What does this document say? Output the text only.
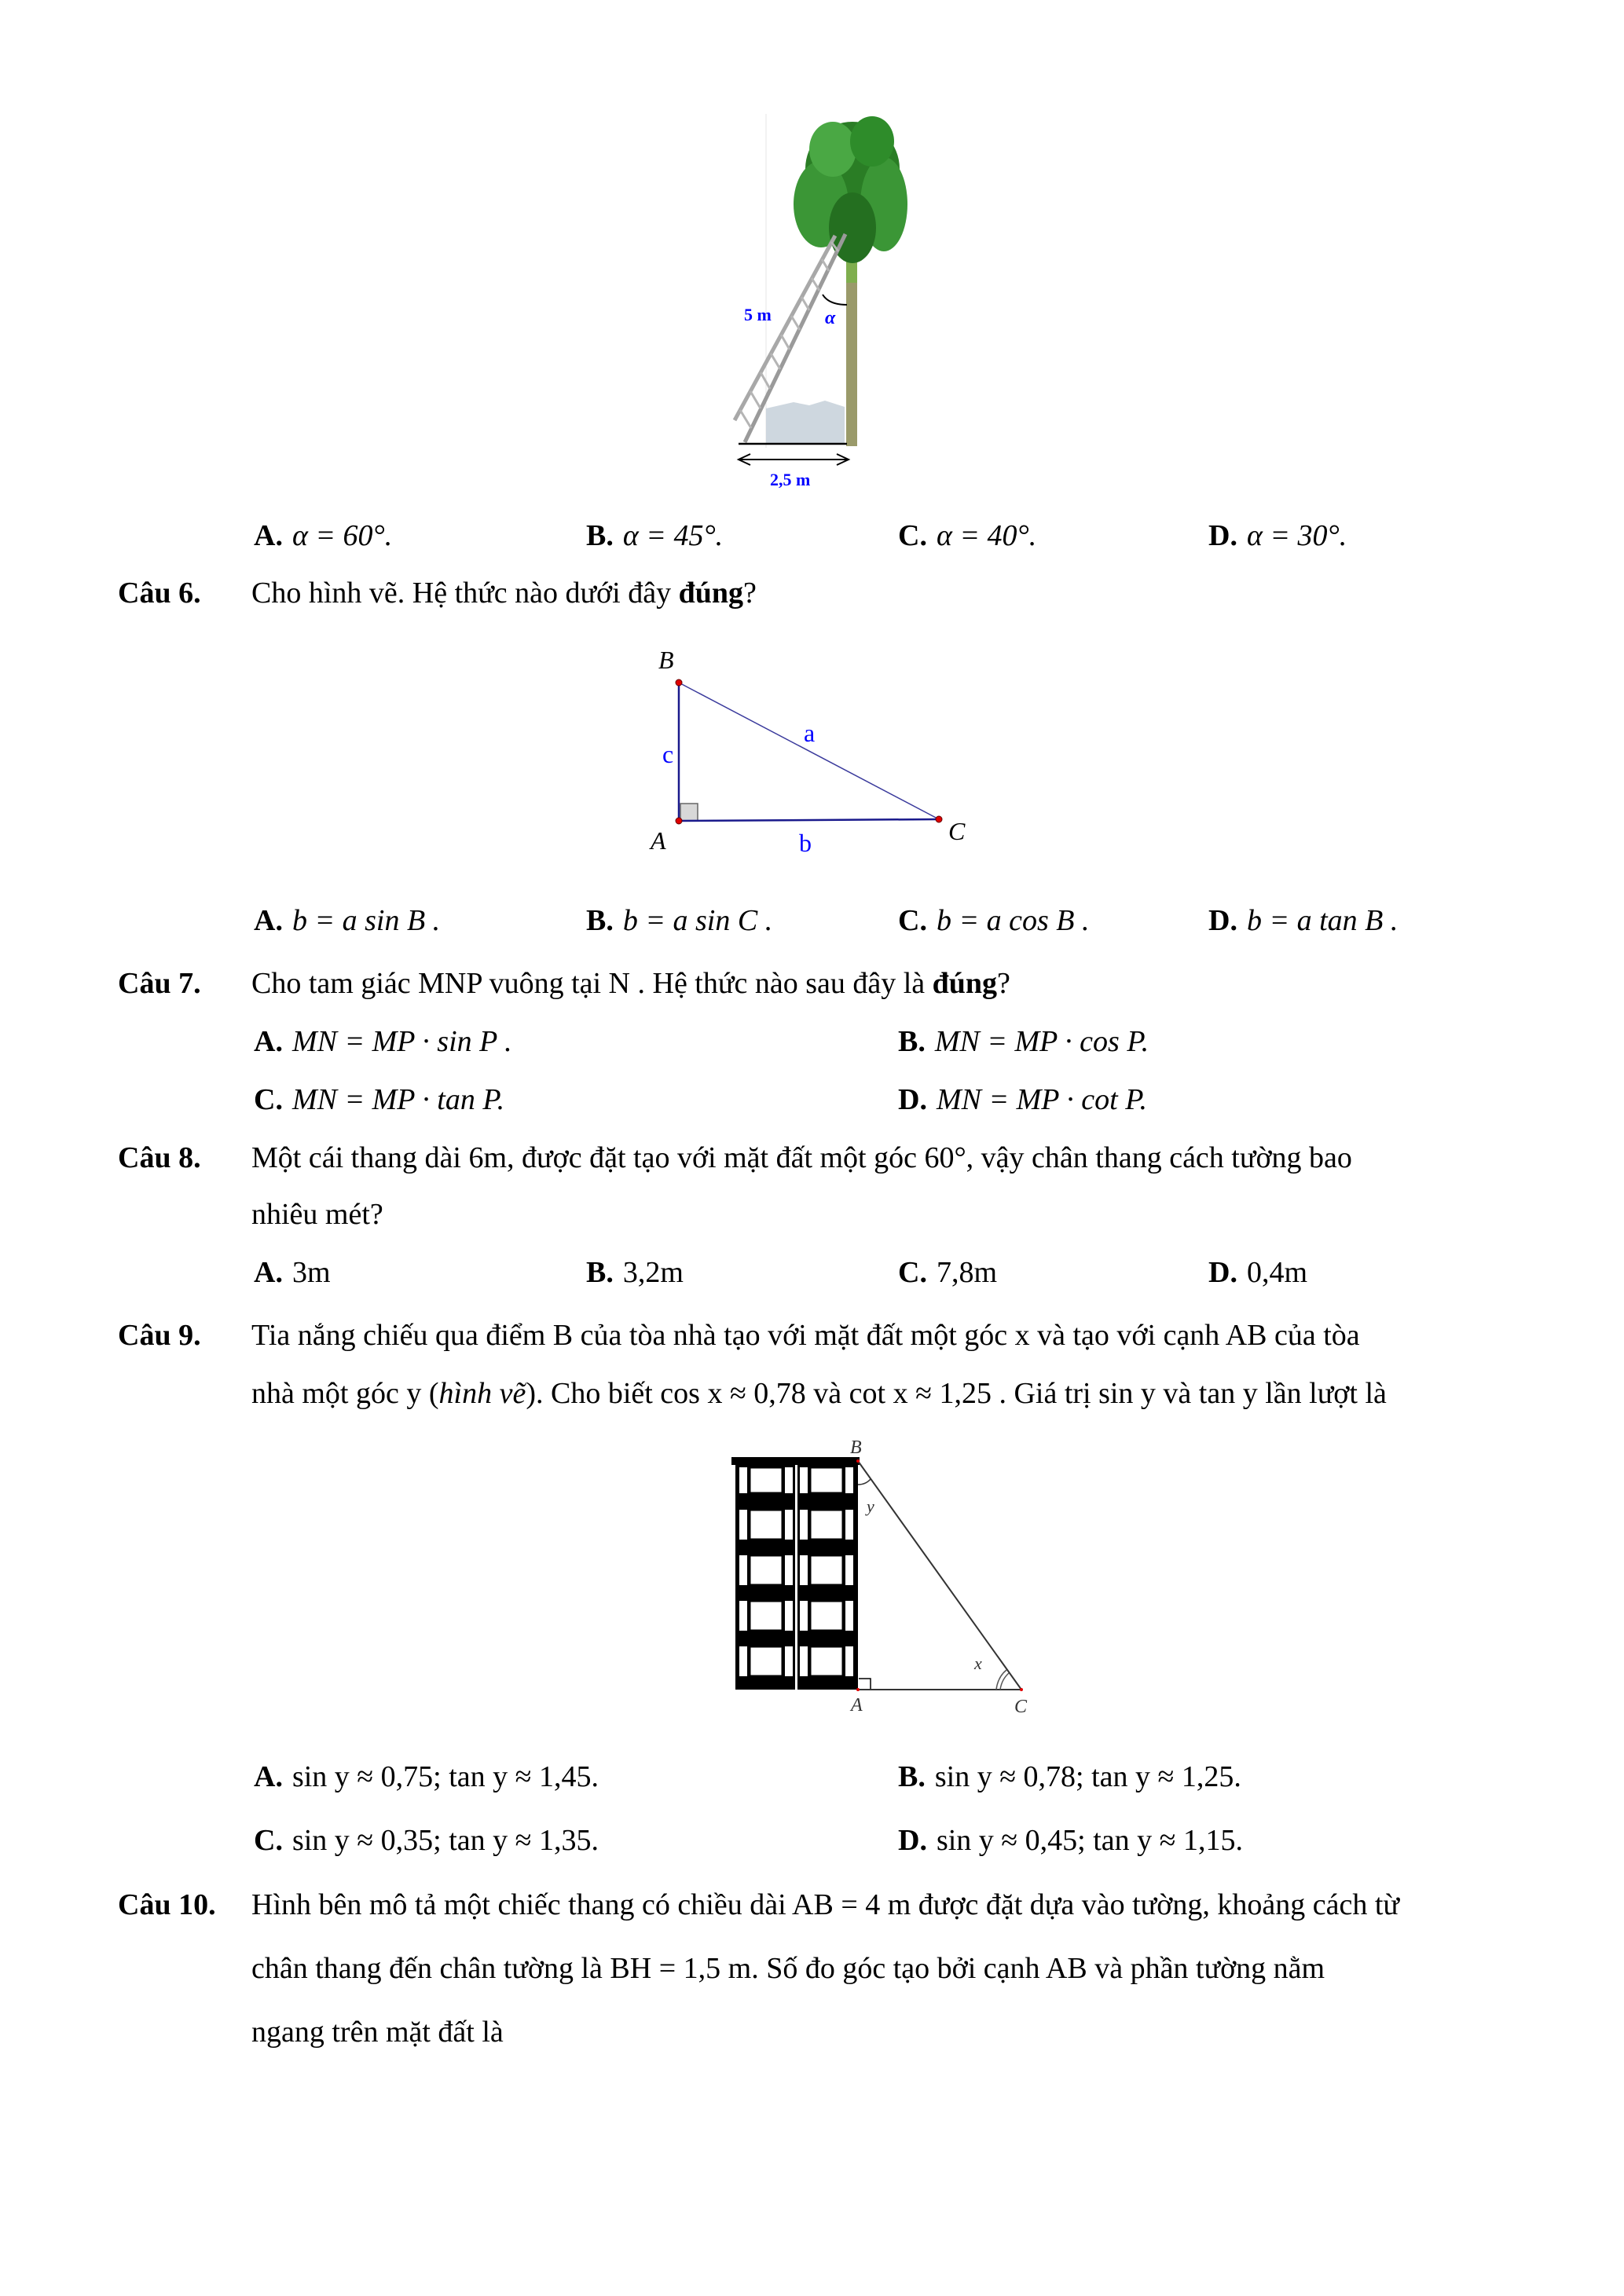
5 m	α
2,5 m
A. α = 60°.	B. α = 45°.	C. α = 40°.	D. α = 30°.
Câu 6. Cho hình vẽ. Hệ thức nào dưới đây đúng?
B
c
a
A	b	C
A. b = a sin B .	B. b = a sin C .	C. b = a cos B .	D. b = a tan B .
Câu 7. Cho tam giác MNP vuông tại N . Hệ thức nào sau đây là đúng?
A. MN = MP · sin P .	B. MN = MP · cos P.
C. MN = MP · tan P.	D. MN = MP · cot P.
Câu 8. Một cái thang dài 6m, được đặt tạo với mặt đất một góc 60°, vậy chân thang cách tường bao
nhiêu mét?
A. 3m	B. 3,2m	C. 7,8m	D. 0,4m
Câu 9. Tia nắng chiếu qua điểm B của tòa nhà tạo với mặt đất một góc x và tạo với cạnh AB của tòa
nhà một góc y (hình vẽ). Cho biết cos x ≈ 0,78 và cot x ≈ 1,25 . Giá trị sin y và tan y lần lượt là
B
y
x
A	C
A. sin y ≈ 0,75; tan y ≈ 1,45.	B. sin y ≈ 0,78; tan y ≈ 1,25.
C. sin y ≈ 0,35; tan y ≈ 1,35.	D. sin y ≈ 0,45; tan y ≈ 1,15.
Câu 10. Hình bên mô tả một chiếc thang có chiều dài AB = 4 m được đặt dựa vào tường, khoảng cách từ
chân thang đến chân tường là BH = 1,5 m. Số đo góc tạo bởi cạnh AB và phần tường nằm
ngang trên mặt đất là
